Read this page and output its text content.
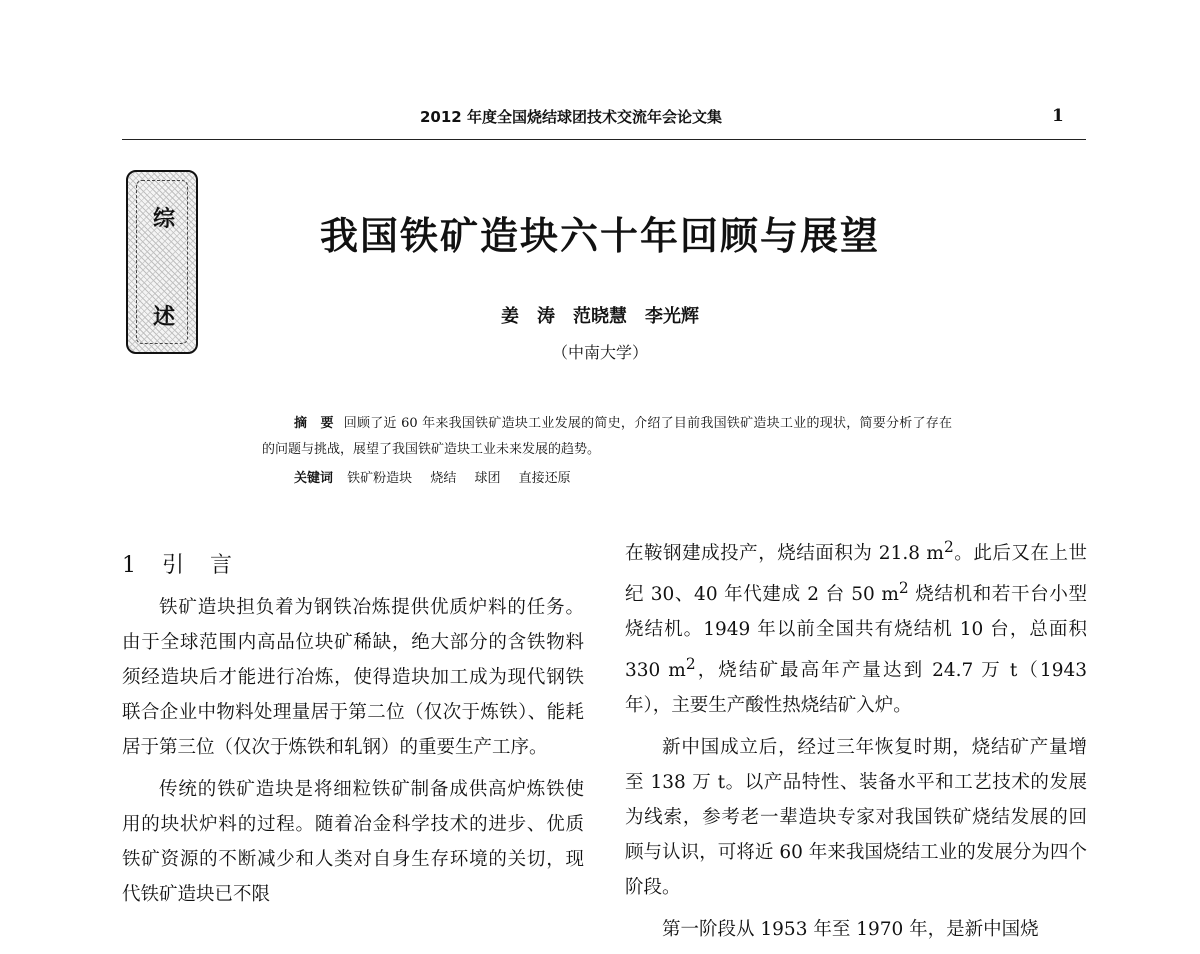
2012 年度全国烧结球团技术交流年会论文集	1
综
述
我国铁矿造块六十年回顾与展望
姜　涛　范晓慧　李光辉
（中南大学）
摘　要 回顾了近 60 年来我国铁矿造块工业发展的简史，介绍了目前我国铁矿造块工业的现状，简要分析了存在的问题与挑战，展望了我国铁矿造块工业未来发展的趋势。
关键词 铁矿粉造块 烧结 球团 直接还原
1　引　言

铁矿造块担负着为钢铁冶炼提供优质炉料的任务。由于全球范围内高品位块矿稀缺，绝大部分的含铁物料须经造块后才能进行冶炼，使得造块加工成为现代钢铁联合企业中物料处理量居于第二位（仅次于炼铁）、能耗居于第三位（仅次于炼铁和轧钢）的重要生产工序。

传统的铁矿造块是将细粒铁矿制备成供高炉炼铁使用的块状炉料的过程。随着冶金科学技术的进步、优质铁矿资源的不断减少和人类对自身生存环境的关切，现代铁矿造块已不限

在鞍钢建成投产，烧结面积为 21.8 $m^2$。此后又在上世纪 30、40 年代建成 2 台 50 $m^2$ 烧结机和若干台小型烧结机。1949 年以前全国共有烧结机 10 台，总面积 330 $m^2$，烧结矿最高年产量达到 24.7 万 t（1943 年），主要生产酸性热烧结矿入炉。

新中国成立后，经过三年恢复时期，烧结矿产量增至 138 万 t。以产品特性、装备水平和工艺技术的发展为线索，参考老一辈造块专家对我国铁矿烧结发展的回顾与认识，可将近 60 年来我国烧结工业的发展分为四个阶段。

第一阶段从 1953 年至 1970 年，是新中国烧
